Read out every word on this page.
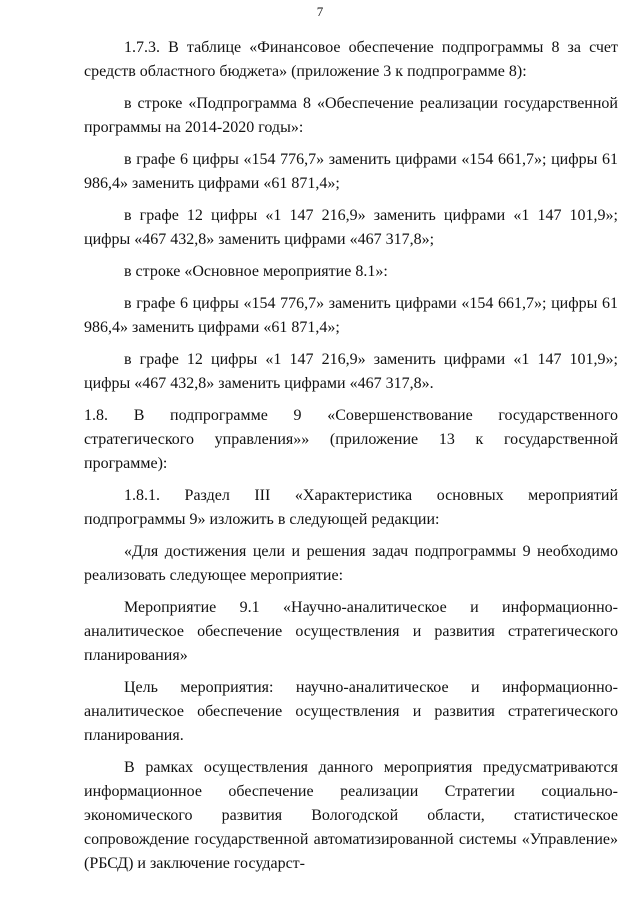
7

1.7.3. В таблице «Финансовое обеспечение подпрограммы 8 за счет средств областного бюджета» (приложение 3 к подпрограмме 8):

в строке «Подпрограмма 8 «Обеспечение реализации государственной программы на 2014-2020 годы»:

в графе 6 цифры «154 776,7» заменить цифрами «154 661,7»; цифры 61 986,4» заменить цифрами «61 871,4»;

в графе 12 цифры «1 147 216,9» заменить цифрами «1 147 101,9»; цифры «467 432,8» заменить цифрами «467 317,8»;

в строке «Основное мероприятие 8.1»:

в графе 6 цифры «154 776,7» заменить цифрами «154 661,7»; цифры 61 986,4» заменить цифрами «61 871,4»;

в графе 12 цифры «1 147 216,9» заменить цифрами «1 147 101,9»; цифры «467 432,8» заменить цифрами «467 317,8».

1.8. В подпрограмме 9 «Совершенствование государственного стратегического управления»» (приложение 13 к государственной программе):

1.8.1. Раздел III «Характеристика основных мероприятий подпрограммы 9» изложить в следующей редакции:

«Для достижения цели и решения задач подпрограммы 9 необходимо реализовать следующее мероприятие:

Мероприятие 9.1 «Научно-аналитическое и информационно-аналитическое обеспечение осуществления и развития стратегического планирования»

Цель мероприятия: научно-аналитическое и информационно-аналитическое обеспечение осуществления и развития стратегического планирования.

В рамках осуществления данного мероприятия предусматриваются информационное обеспечение реализации Стратегии социально-экономического развития Вологодской области, статистическое сопровождение государственной автоматизированной системы «Управление» (РБСД) и заключение государст-
